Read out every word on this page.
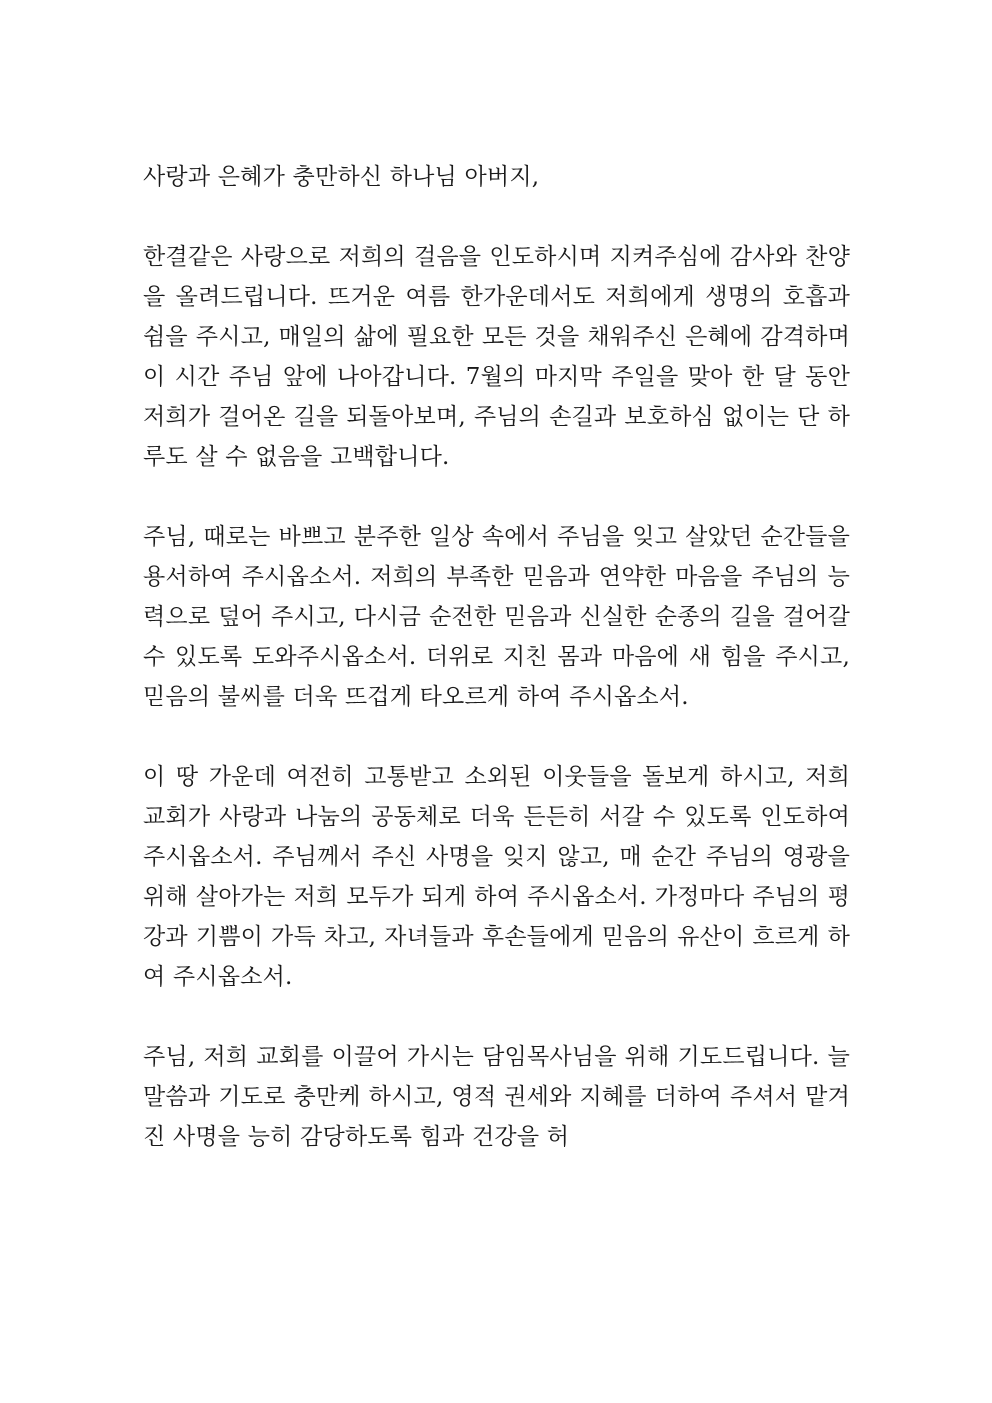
사랑과 은혜가 충만하신 하나님 아버지,

한결같은 사랑으로 저희의 걸음을 인도하시며 지켜주심에 감사와 찬양을 올려드립니다. 뜨거운 여름 한가운데서도 저희에게 생명의 호흡과 쉼을 주시고, 매일의 삶에 필요한 모든 것을 채워주신 은혜에 감격하며 이 시간 주님 앞에 나아갑니다. 7월의 마지막 주일을 맞아 한 달 동안 저희가 걸어온 길을 되돌아보며, 주님의 손길과 보호하심 없이는 단 하루도 살 수 없음을 고백합니다.

주님, 때로는 바쁘고 분주한 일상 속에서 주님을 잊고 살았던 순간들을 용서하여 주시옵소서. 저희의 부족한 믿음과 연약한 마음을 주님의 능력으로 덮어 주시고, 다시금 순전한 믿음과 신실한 순종의 길을 걸어갈 수 있도록 도와주시옵소서. 더위로 지친 몸과 마음에 새 힘을 주시고, 믿음의 불씨를 더욱 뜨겁게 타오르게 하여 주시옵소서.

이 땅 가운데 여전히 고통받고 소외된 이웃들을 돌보게 하시고, 저희 교회가 사랑과 나눔의 공동체로 더욱 든든히 서갈 수 있도록 인도하여 주시옵소서. 주님께서 주신 사명을 잊지 않고, 매 순간 주님의 영광을 위해 살아가는 저희 모두가 되게 하여 주시옵소서. 가정마다 주님의 평강과 기쁨이 가득 차고, 자녀들과 후손들에게 믿음의 유산이 흐르게 하여 주시옵소서.

주님, 저희 교회를 이끌어 가시는 담임목사님을 위해 기도드립니다. 늘 말씀과 기도로 충만케 하시고, 영적 권세와 지혜를 더하여 주셔서 맡겨진 사명을 능히 감당하도록 힘과 건강을 허
